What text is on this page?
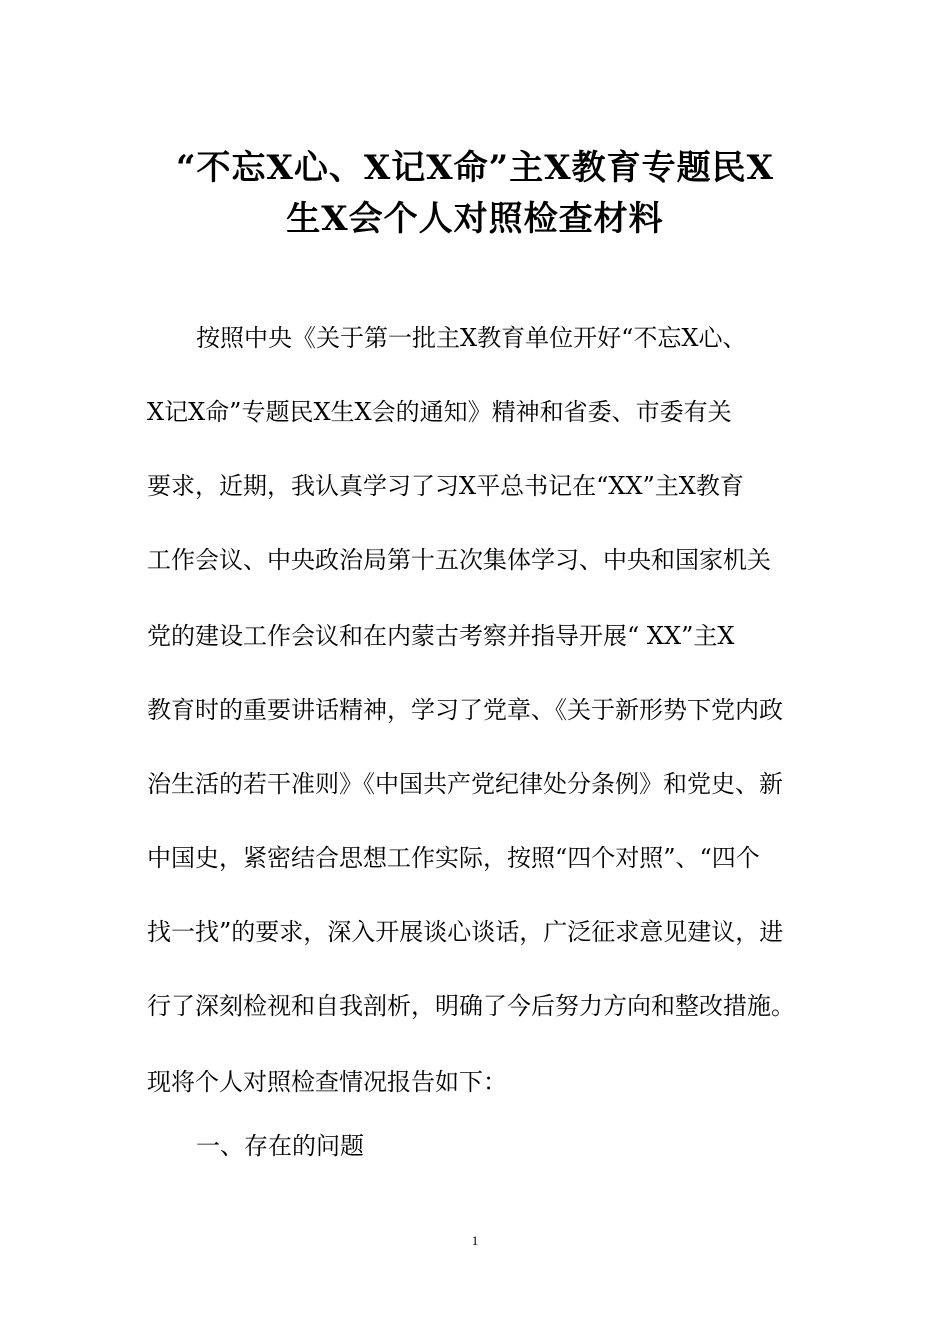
“不忘X心、X记X命”主X教育专题民X
生X会个人对照检查材料
按照中央《关于第一批主X教育单位开好“不忘X心、
X记X命”专题民X生X会的通知》精神和省委、市委有关
要求，近期，我认真学习了习X平总书记在“XX”主X教育
工作会议、中央政治局第十五次集体学习、中央和国家机关
党的建设工作会议和在内蒙古考察并指导开展“ XX”主X
教育时的重要讲话精神，学习了党章、《关于新形势下党内政
治生活的若干准则》《中国共产党纪律处分条例》和党史、新
中国史，紧密结合思想工作实际，按照“四个对照”、“四个
找一找”的要求，深入开展谈心谈话，广泛征求意见建议，进
行了深刻检视和自我剖析，明确了今后努力方向和整改措施。
现将个人对照检查情况报告如下：
一、存在的问题
1
